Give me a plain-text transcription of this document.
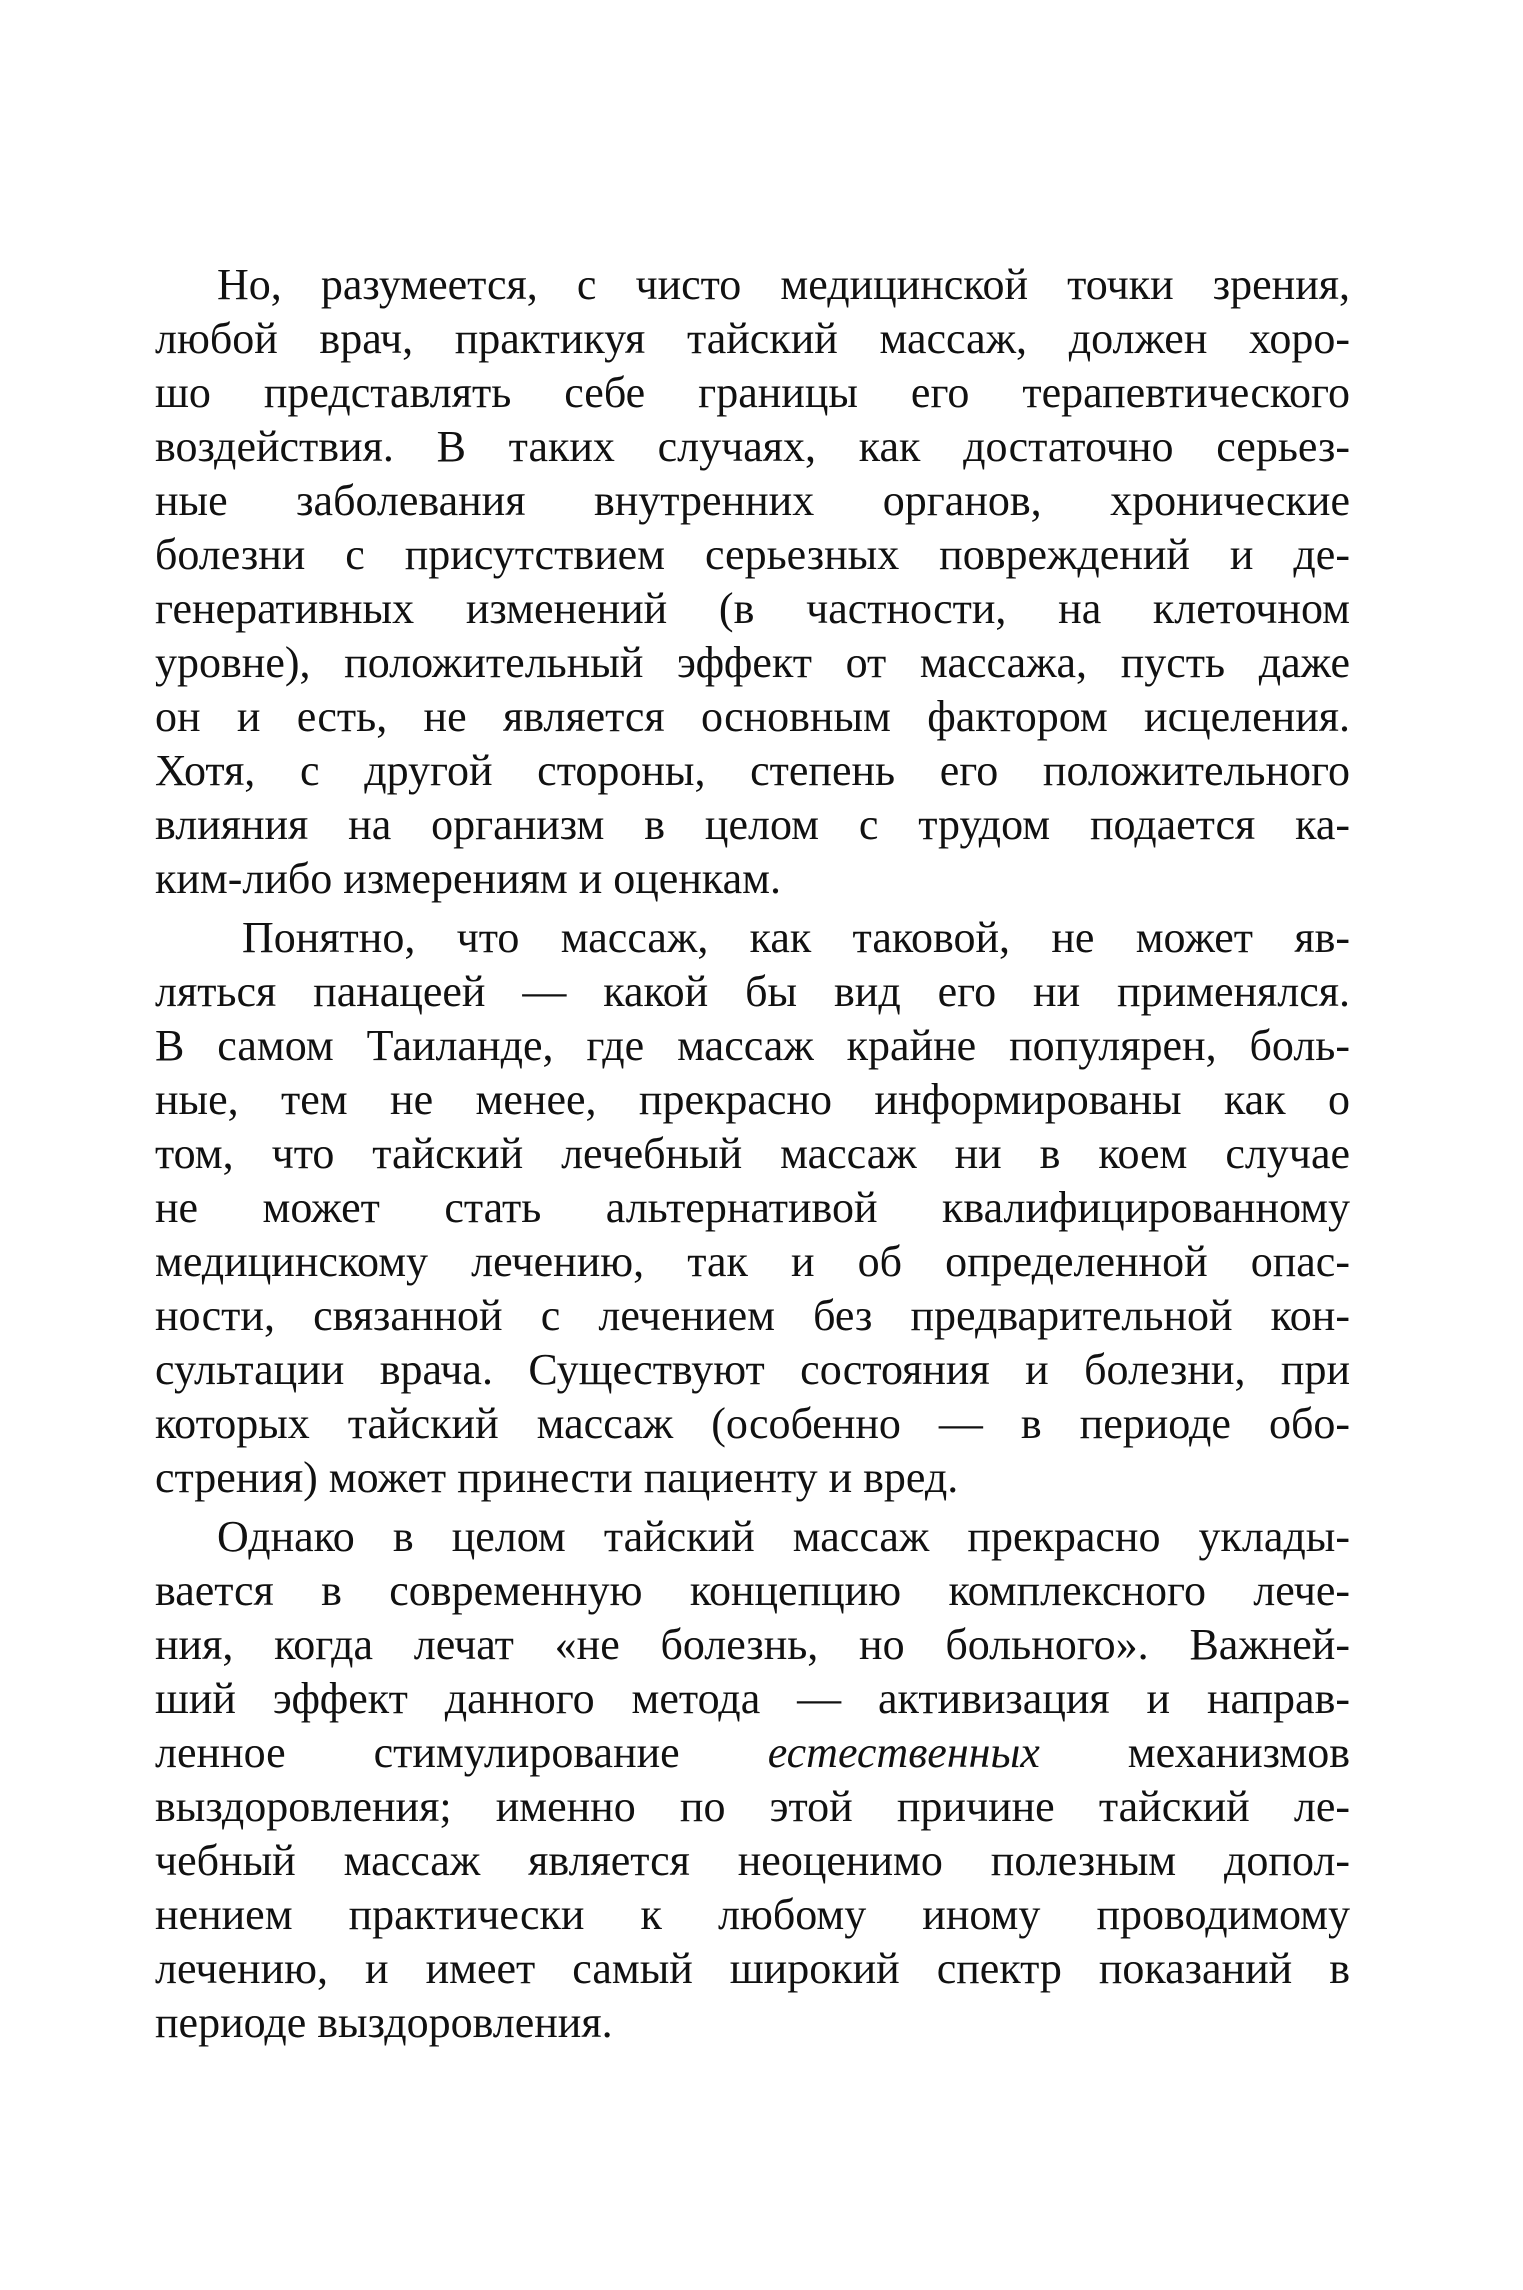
Но, разумеется, с чисто медицинской точки зрения,
любой врач, практикуя тайский массаж, должен хоро-
шо представлять себе границы его терапевтического
воздействия. В таких случаях, как достаточно серьез-
ные заболевания внутренних органов, хронические
болезни с присутствием серьезных повреждений и де-
генеративных изменений (в частности, на клеточном
уровне), положительный эффект от массажа, пусть даже
он и есть, не является основным фактором исцеления.
Хотя, с другой стороны, степень его положительного
влияния на организм в целом с трудом подается ка-
ким-либо измерениям и оценкам.

Понятно, что массаж, как таковой, не может яв-
ляться панацеей — какой бы вид его ни применялся.
В самом Таиланде, где массаж крайне популярен, боль-
ные, тем не менее, прекрасно информированы как о
том, что тайский лечебный массаж ни в коем случае
не может стать альтернативой квалифицированному
медицинскому лечению, так и об определенной опас-
ности, связанной с лечением без предварительной кон-
сультации врача. Существуют состояния и болезни, при
которых тайский массаж (особенно — в периоде обо-
стрения) может принести пациенту и вред.

Однако в целом тайский массаж прекрасно уклады-
вается в современную концепцию комплексного лече-
ния, когда лечат «не болезнь, но больного». Важней-
ший эффект данного метода — активизация и направ-
ленное стимулирование естественных механизмов
выздоровления; именно по этой причине тайский ле-
чебный массаж является неоценимо полезным допол-
нением практически к любому иному проводимому
лечению, и имеет самый широкий спектр показаний в
периоде выздоровления.
